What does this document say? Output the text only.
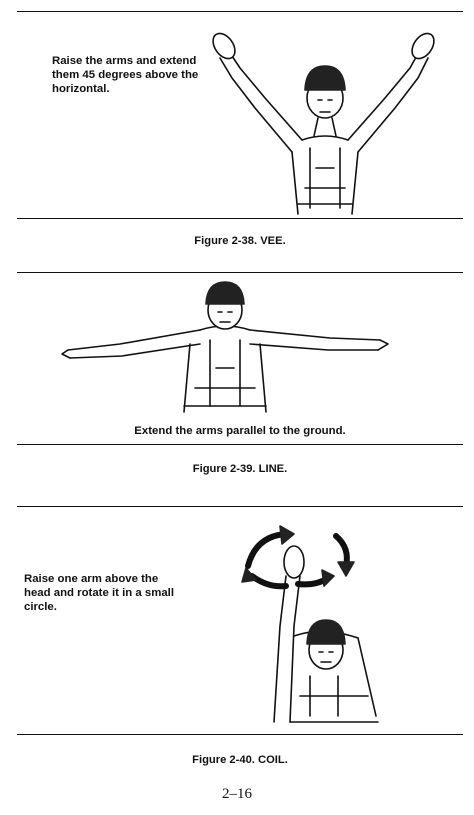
Raise the arms and extend them 45 degrees above the horizontal.
Figure 2-38. VEE.
Extend the arms parallel to the ground.
Figure 2-39. LINE.
Raise one arm above the head and rotate it in a small circle.
Figure 2-40. COIL.
2–16
